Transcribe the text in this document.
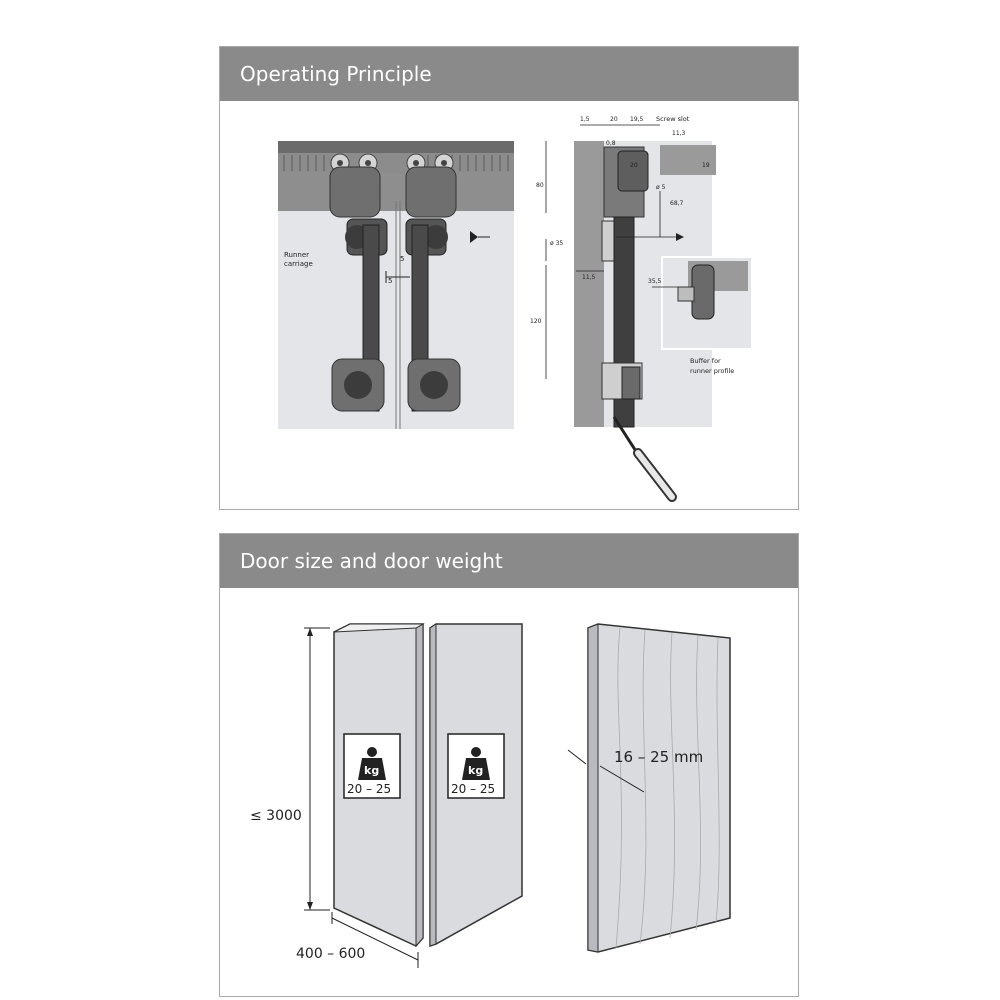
Operating Principle
Runner
carriage
5
5
1,5	20 19,5 Screw slot
11,3
0,8
20	19
80	ø 5
68,7
ø 35
11,5
120
35,5
Buffer for
runner profile
Door size and door weight
≤ 3000
400 – 600
kg
20 – 25
kg
20 – 25
16 – 25 mm
